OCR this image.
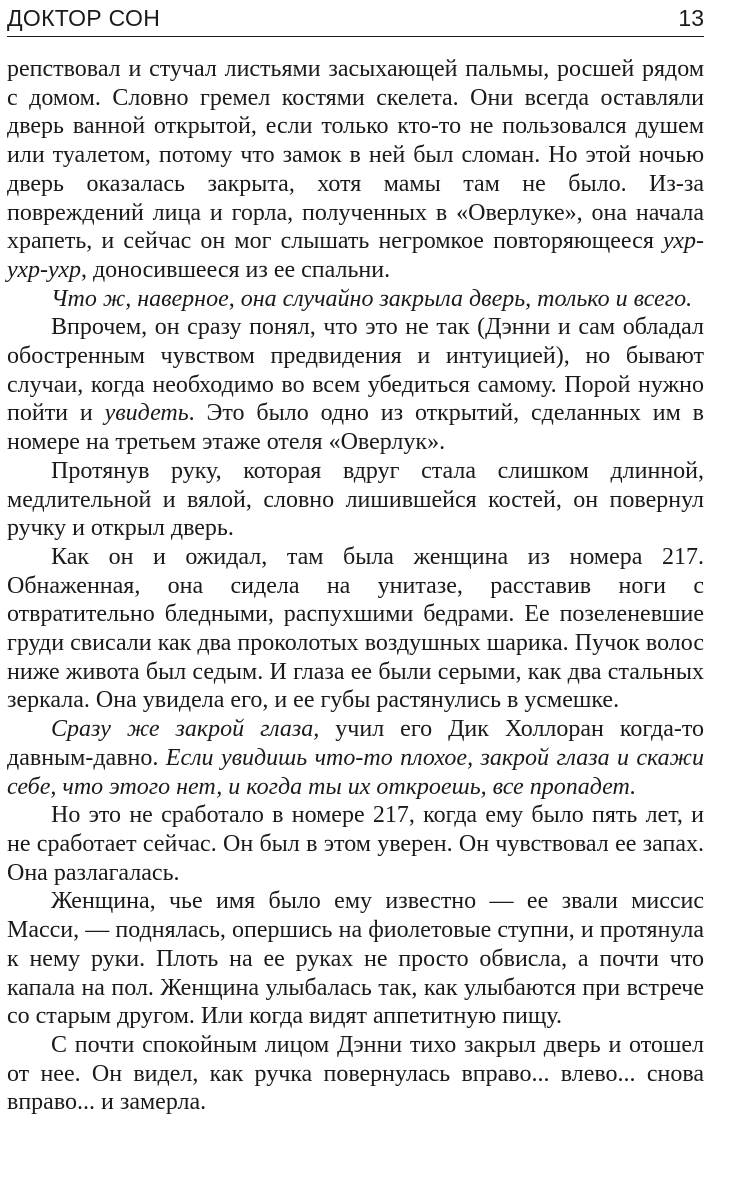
ДОКТОР СОН	13

репствовал и стучал листьями засыхающей пальмы, росшей рядом с домом. Словно гремел костями скелета. Они всегда оставляли дверь ванной открытой, если только кто-то не пользовался душем или туалетом, потому что замок в ней был сломан. Но этой ночью дверь оказалась закрыта, хотя мамы там не было. Из-за повреждений лица и горла, полученных в «Оверлуке», она начала храпеть, и сейчас он мог слышать негромкое повторяющееся ухр-ухр-ухр, доносившееся из ее спальни.

Что ж, наверное, она случайно закрыла дверь, только и всего.

Впрочем, он сразу понял, что это не так (Дэнни и сам обладал обостренным чувством предвидения и интуицией), но бывают случаи, когда необходимо во всем убедиться самому. Порой нужно пойти и увидеть. Это было одно из открытий, сделанных им в номере на третьем этаже отеля «Оверлук».

Протянув руку, которая вдруг стала слишком длинной, медлительной и вялой, словно лишившейся костей, он повернул ручку и открыл дверь.

Как он и ожидал, там была женщина из номера 217. Обнаженная, она сидела на унитазе, расставив ноги с отвратительно бледными, распухшими бедрами. Ее позеленевшие груди свисали как два проколотых воздушных шарика. Пучок волос ниже живота был седым. И глаза ее были серыми, как два стальных зеркала. Она увидела его, и ее губы растянулись в усмешке.

Сразу же закрой глаза, учил его Дик Холлоран когда-то давным-давно. Если увидишь что-то плохое, закрой глаза и скажи себе, что этого нет, и когда ты их откроешь, все пропадет.

Но это не сработало в номере 217, когда ему было пять лет, и не сработает сейчас. Он был в этом уверен. Он чувствовал ее запах. Она разлагалась.

Женщина, чье имя было ему известно — ее звали миссис Масси, — поднялась, опершись на фиолетовые ступни, и протянула к нему руки. Плоть на ее руках не просто обвисла, а почти что капала на пол. Женщина улыбалась так, как улыбаются при встрече со старым другом. Или когда видят аппетитную пищу.

С почти спокойным лицом Дэнни тихо закрыл дверь и отошел от нее. Он видел, как ручка повернулась вправо... влево... снова вправо... и замерла.
